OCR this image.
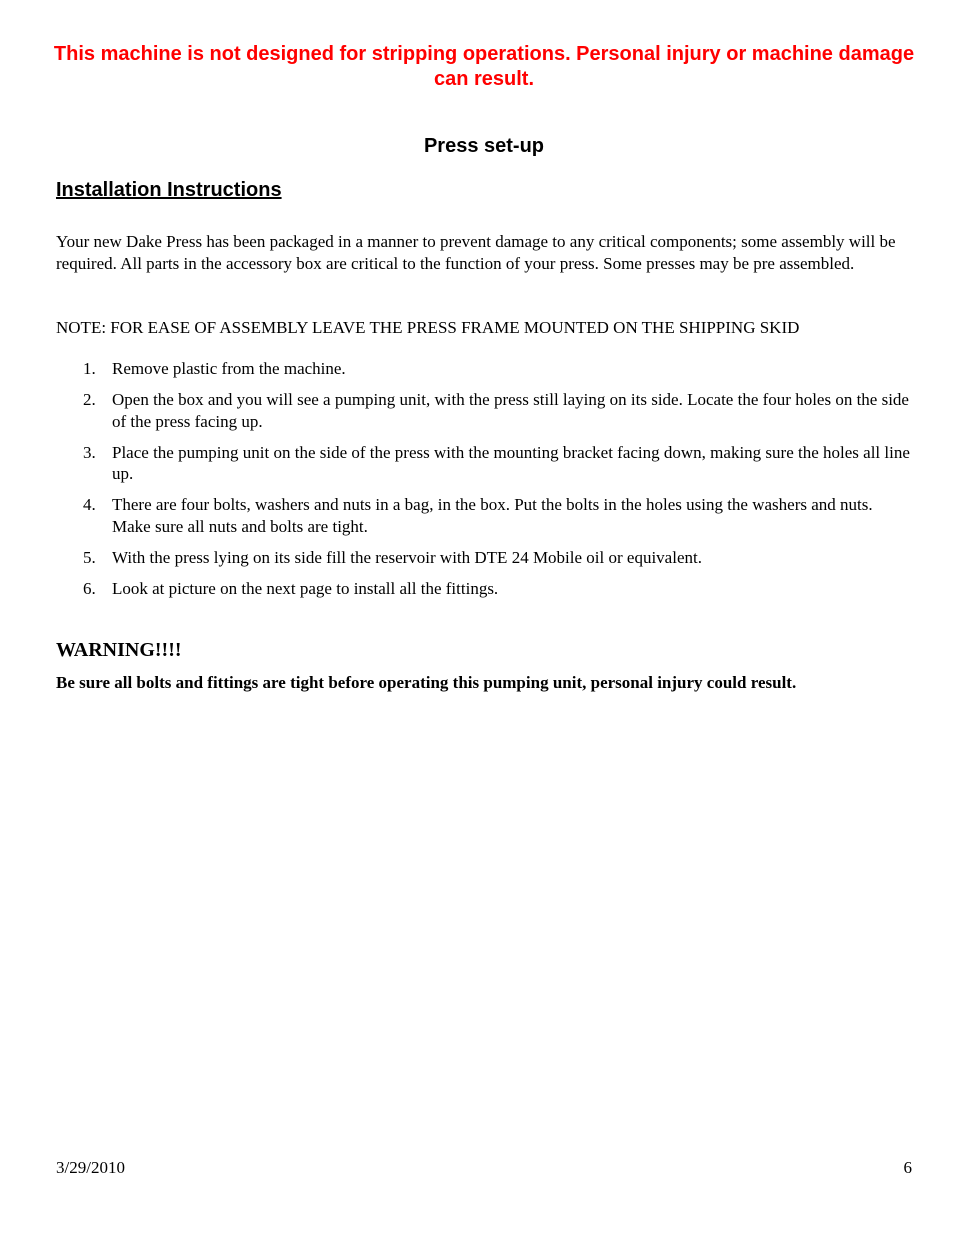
This machine is not designed for stripping operations. Personal injury or machine damage can result.

Press set-up
Installation Instructions

Your new Dake Press has been packaged in a manner to prevent damage to any critical components; some assembly will be required. All parts in the accessory box are critical to the function of your press. Some presses may be pre assembled.

NOTE: FOR EASE OF ASSEMBLY LEAVE THE PRESS FRAME MOUNTED ON THE SHIPPING SKID

1. Remove plastic from the machine.
2. Open the box and you will see a pumping unit, with the press still laying on its side. Locate the four holes on the side of the press facing up.
3. Place the pumping unit on the side of the press with the mounting bracket facing down, making sure the holes all line up.
4. There are four bolts, washers and nuts in a bag, in the box. Put the bolts in the holes using the washers and nuts. Make sure all nuts and bolts are tight.
5. With the press lying on its side fill the reservoir with DTE 24 Mobile oil or equivalent.
6. Look at picture on the next page to install all the fittings.
WARNING!!!!

Be sure all bolts and fittings are tight before operating this pumping unit, personal injury could result.

3/29/2010	6
